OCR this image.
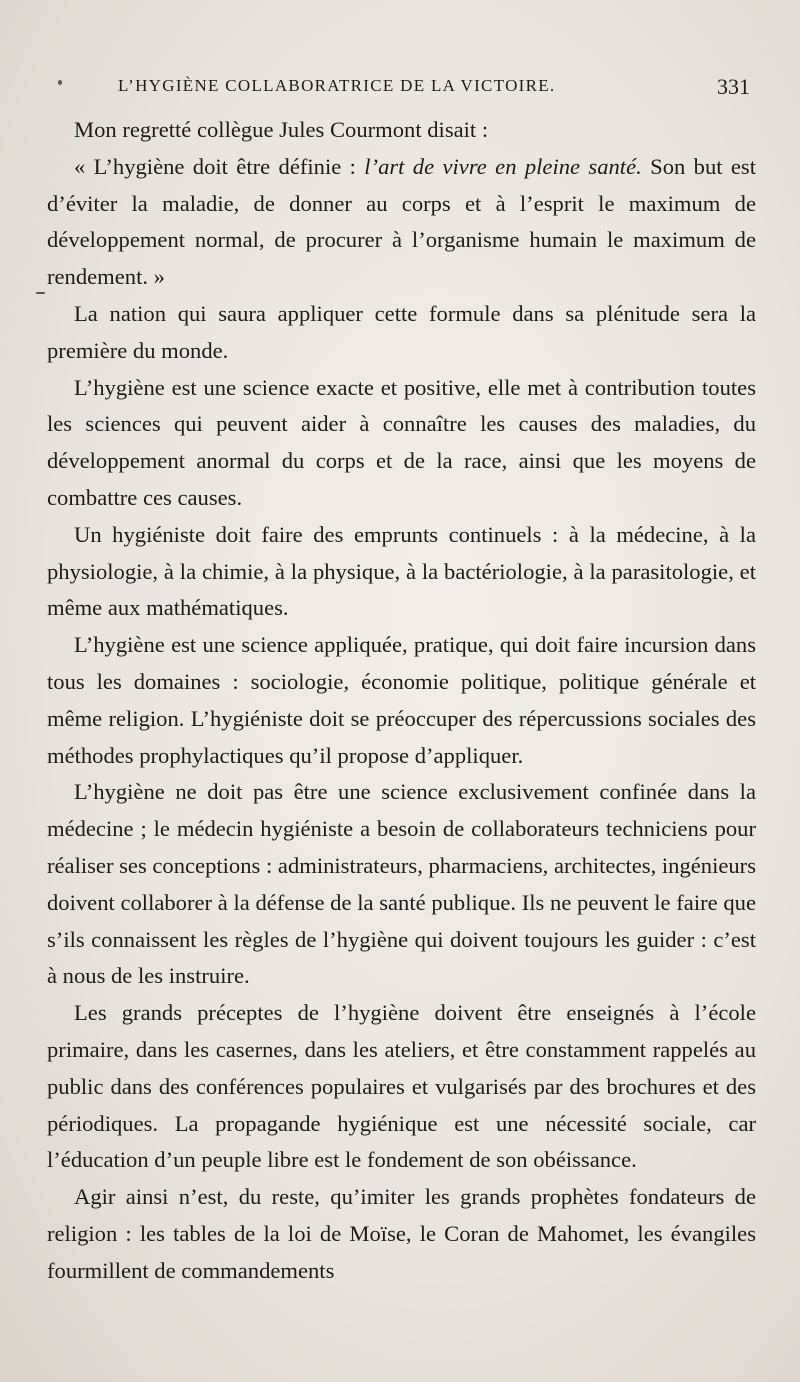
L’HYGIÈNE COLLABORATRICE DE LA VICTOIRE.	331

Mon regretté collègue Jules Courmont disait :

« L’hygiène doit être définie : l’art de vivre en pleine santé. Son but est d’éviter la maladie, de donner au corps et à l’esprit le maximum de développement normal, de procurer à l’organisme humain le maximum de rendement. »

La nation qui saura appliquer cette formule dans sa plénitude sera la première du monde.

L’hygiène est une science exacte et positive, elle met à contribution toutes les sciences qui peuvent aider à connaître les causes des maladies, du développement anormal du corps et de la race, ainsi que les moyens de combattre ces causes.

Un hygiéniste doit faire des emprunts continuels : à la médecine, à la physiologie, à la chimie, à la physique, à la bactériologie, à la parasitologie, et même aux mathématiques.

L’hygiène est une science appliquée, pratique, qui doit faire incursion dans tous les domaines : sociologie, économie politique, politique générale et même religion. L’hygiéniste doit se préoccuper des répercussions sociales des méthodes prophylactiques qu’il propose d’appliquer.

L’hygiène ne doit pas être une science exclusivement confinée dans la médecine ; le médecin hygiéniste a besoin de collaborateurs techniciens pour réaliser ses conceptions : administrateurs, pharmaciens, architectes, ingénieurs doivent collaborer à la défense de la santé publique. Ils ne peuvent le faire que s’ils connaissent les règles de l’hygiène qui doivent toujours les guider : c’est à nous de les instruire.

Les grands préceptes de l’hygiène doivent être enseignés à l’école primaire, dans les casernes, dans les ateliers, et être constamment rappelés au public dans des conférences populaires et vulgarisés par des brochures et des périodiques. La propagande hygiénique est une nécessité sociale, car l’éducation d’un peuple libre est le fondement de son obéissance.

Agir ainsi n’est, du reste, qu’imiter les grands prophètes fondateurs de religion : les tables de la loi de Moïse, le Coran de Mahomet, les évangiles fourmillent de commandements
